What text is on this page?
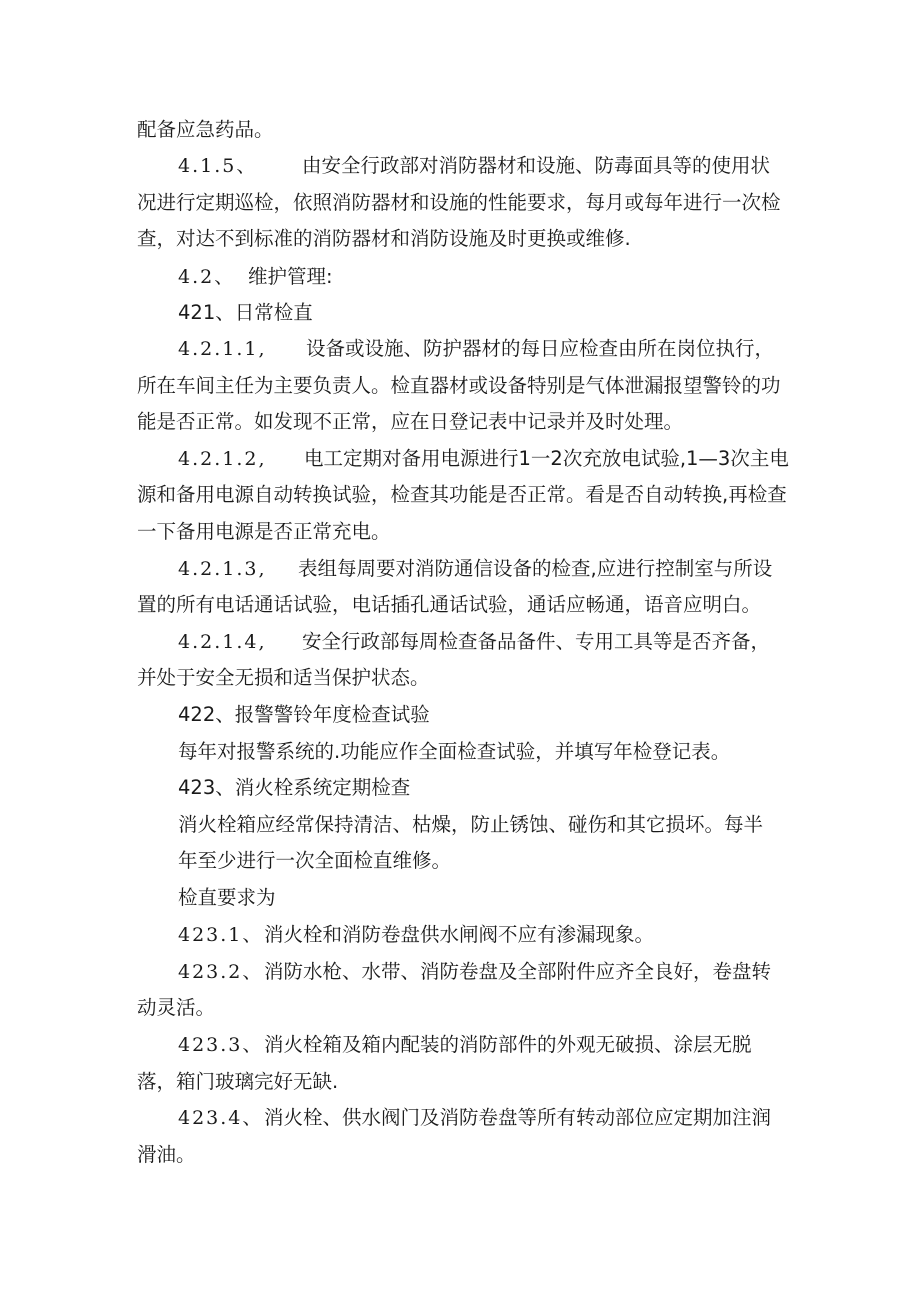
配备应急药品。
4.1.5、 由安全行政部对消防器材和设施、防毒面具等的使用状
况进行定期巡检，依照消防器材和设施的性能要求，每月或每年进行一次检
查，对达不到标准的消防器材和消防设施及时更换或维修.
4.2、 维护管理:
421、日常检直
4.2.1.1, 设备或设施、防护器材的每日应检查由所在岗位执行，
所在车间主任为主要负责人。检直器材或设备特别是气体泄漏报望警铃的功
能是否正常。如发现不正常，应在日登记表中记录并及时处理。
4.2.1.2, 电工定期对备用电源进行1一2次充放电试验,1—3次主电
源和备用电源自动转换试验，检查其功能是否正常。看是否自动转换,再检查
一下备用电源是否正常充电。
4.2.1.3, 表组每周要对消防通信设备的检查,应进行控制室与所设
置的所有电话通话试验，电话插孔通话试验，通话应畅通，语音应明白。
4.2.1.4, 安全行政部每周检查备品备件、专用工具等是否齐备，
并处于安全无损和适当保护状态。
422、报警警铃年度检查试验
每年对报警系统的.功能应作全面检查试验，并填写年检登记表。
423、消火栓系统定期检查
消火栓箱应经常保持清洁、枯燥，防止锈蚀、碰伤和其它损坏。每半
年至少进行一次全面检直维修。
检直要求为
423.1、 消火栓和消防卷盘供水闸阀不应有渗漏现象。
423.2、 消防水枪、水带、消防卷盘及全部附件应齐全良好，卷盘转
动灵活。
423.3、 消火栓箱及箱内配装的消防部件的外观无破损、涂层无脱
落，箱门玻璃完好无缺.
423.4、 消火栓、供水阀门及消防卷盘等所有转动部位应定期加注润
滑油。
